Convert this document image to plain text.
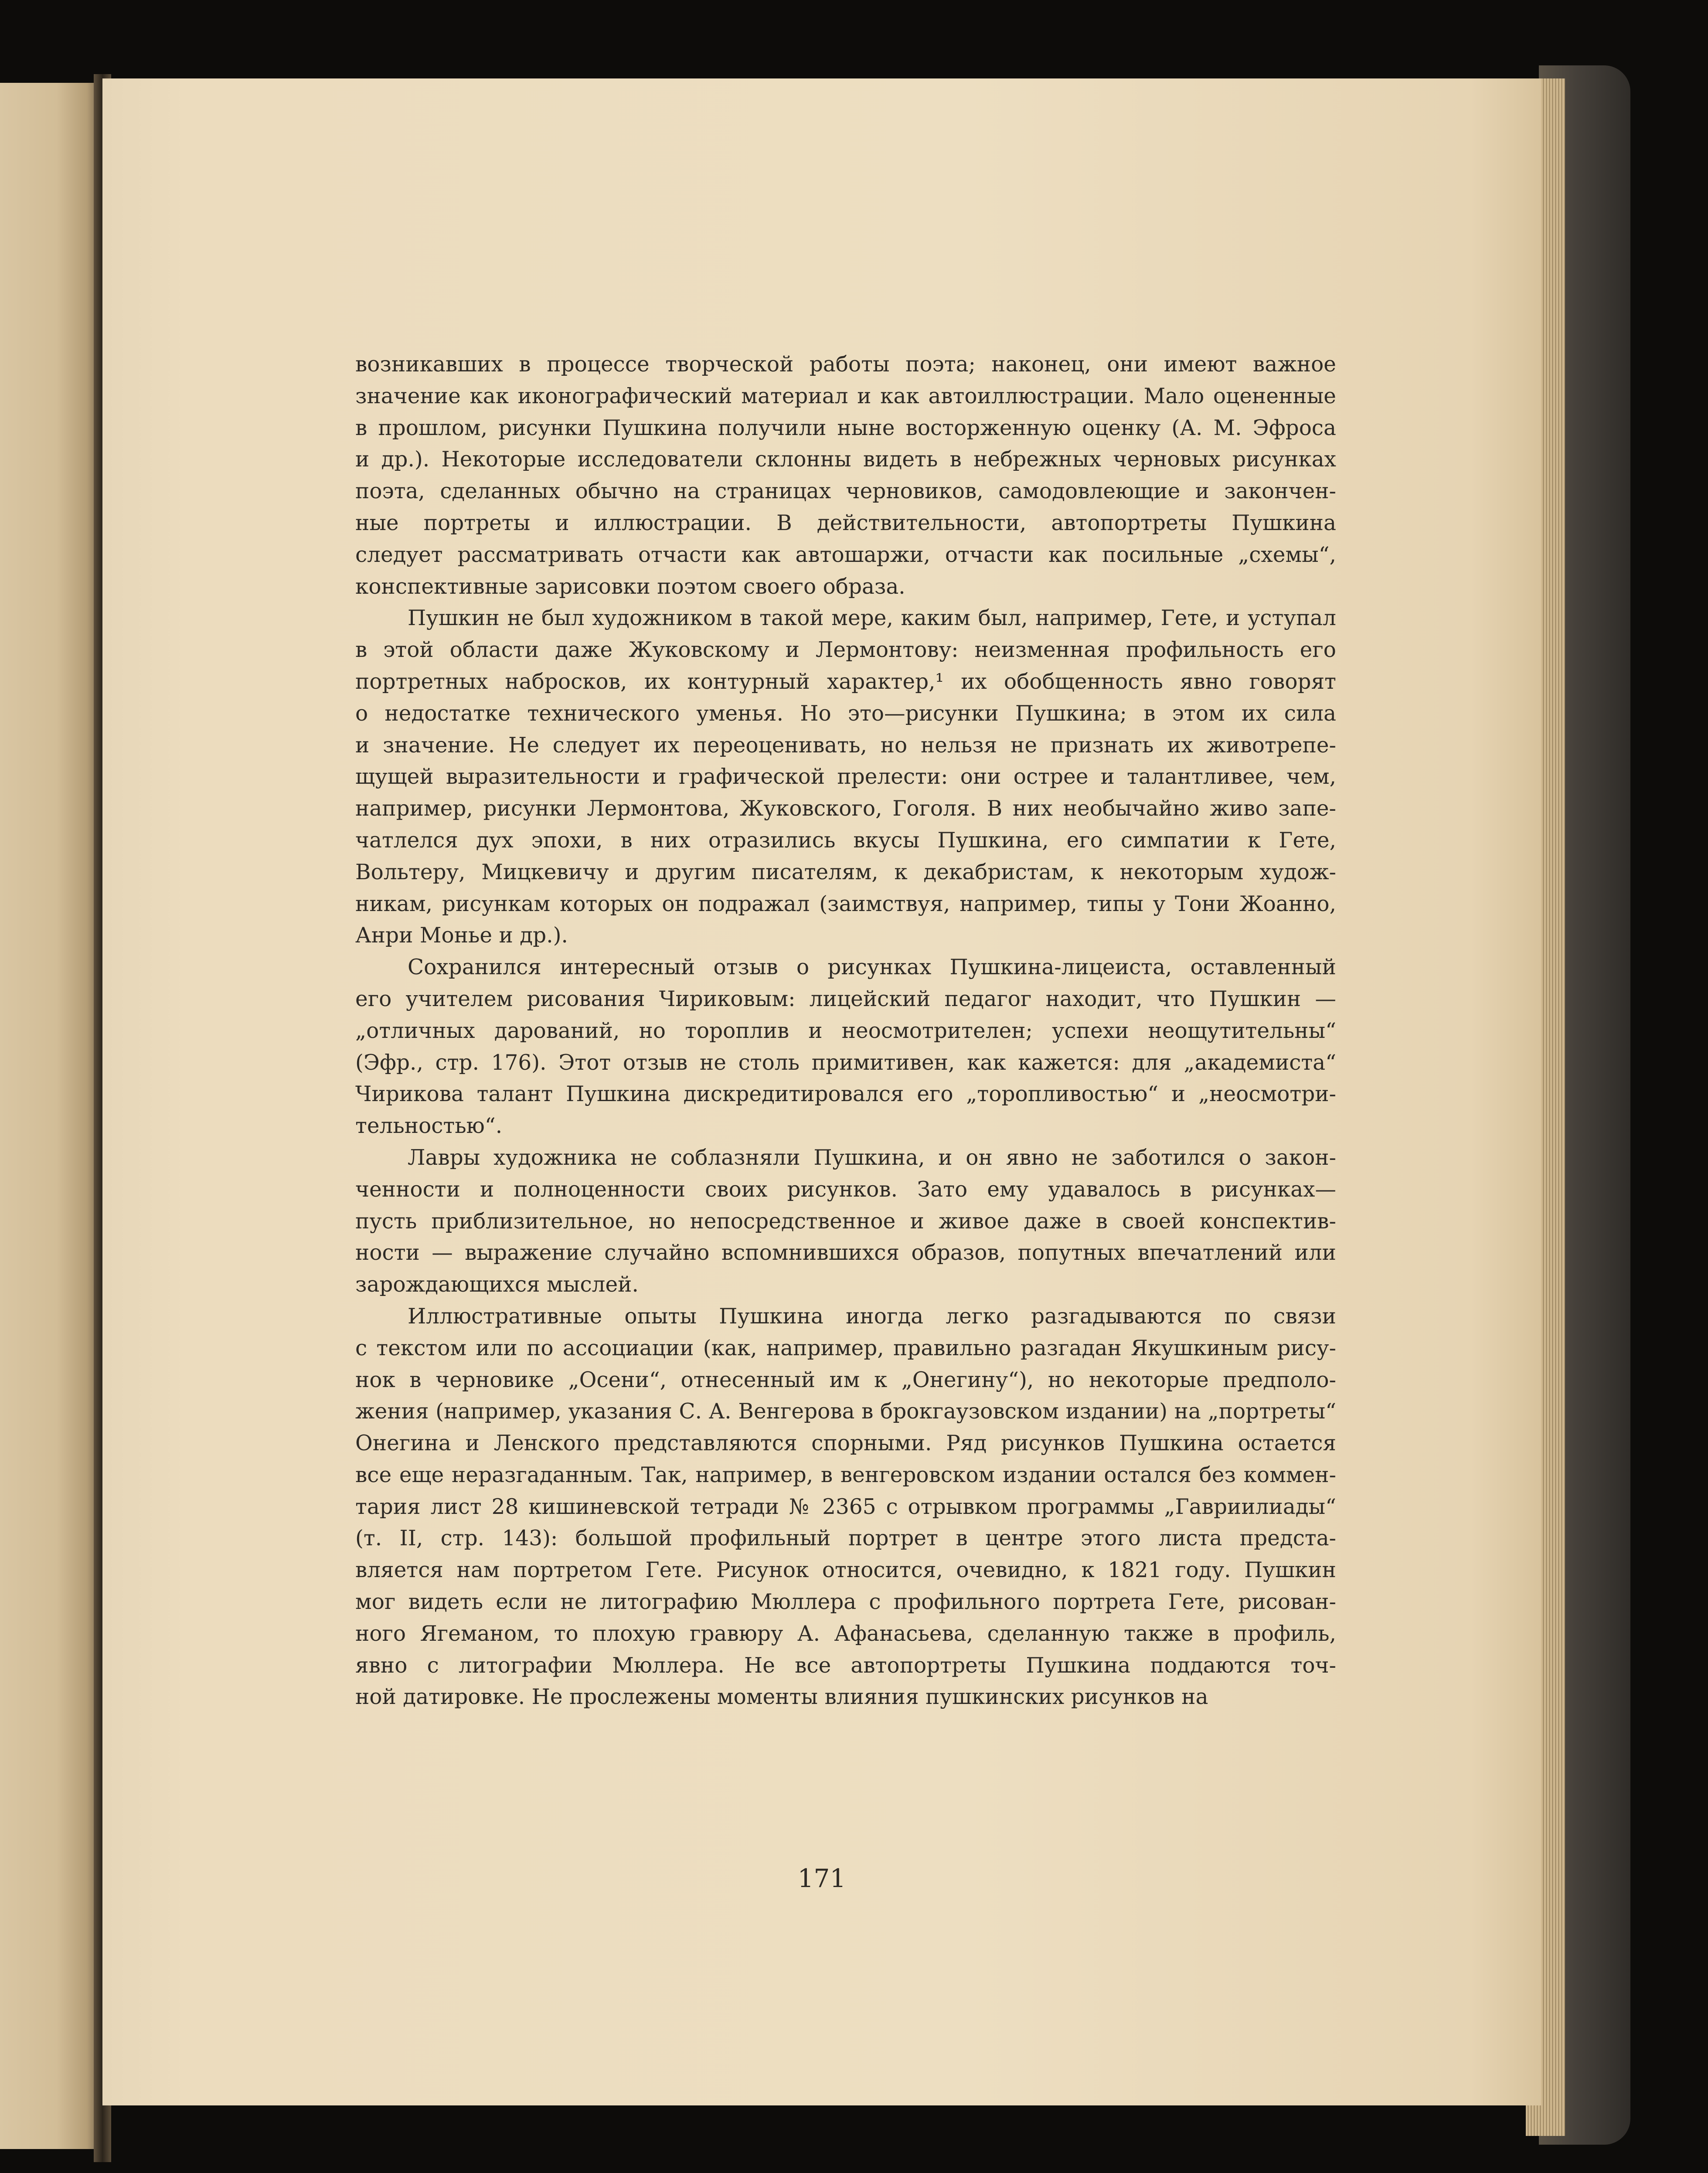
возникавших в процессе творческой работы поэта; наконец, они имеют важное
значение как иконографический материал и как автоиллюстрации. Мало оцененные
в прошлом, рисунки Пушкина получили ныне восторженную оценку (А. М. Эфроса
и др.). Некоторые исследователи склонны видеть в небрежных черновых рисунках
поэта, сделанных обычно на страницах черновиков, самодовлеющие и закончен-
ные портреты и иллюстрации. В действительности, автопортреты Пушкина
следует рассматривать отчасти как автошаржи, отчасти как посильные „схемы“,
конспективные зарисовки поэтом своего образа.
Пушкин не был художником в такой мере, каким был, например, Гете, и уступал
в этой области даже Жуковскому и Лермонтову: неизменная профильность его
портретных набросков, их контурный характер,¹ их обобщенность явно говорят
о недостатке технического уменья. Но это—рисунки Пушкина; в этом их сила
и значение. Не следует их переоценивать, но нельзя не признать их животрепе-
щущей выразительности и графической прелести: они острее и талантливее, чем,
например, рисунки Лермонтова, Жуковского, Гоголя. В них необычайно живо запе-
чатлелся дух эпохи, в них отразились вкусы Пушкина, его симпатии к Гете,
Вольтеру, Мицкевичу и другим писателям, к декабристам, к некоторым худож-
никам, рисункам которых он подражал (заимствуя, например, типы у Тони Жоанно,
Анри Монье и др.).
Сохранился интересный отзыв о рисунках Пушкина-лицеиста, оставленный
его учителем рисования Чириковым: лицейский педагог находит, что Пушкин —
„отличных дарований, но тороплив и неосмотрителен; успехи неощутительны“
(Эфр., стр. 176). Этот отзыв не столь примитивен, как кажется: для „академиста“
Чирикова талант Пушкина дискредитировался его „торопливостью“ и „неосмотри-
тельностью“.
Лавры художника не соблазняли Пушкина, и он явно не заботился о закон-
ченности и полноценности своих рисунков. Зато ему удавалось в рисунках—
пусть приблизительное, но непосредственное и живое даже в своей конспектив-
ности — выражение случайно вспомнившихся образов, попутных впечатлений или
зарождающихся мыслей.
Иллюстративные опыты Пушкина иногда легко разгадываются по связи
с текстом или по ассоциации (как, например, правильно разгадан Якушкиным рису-
нок в черновике „Осени“, отнесенный им к „Онегину“), но некоторые предполо-
жения (например, указания С. А. Венгерова в брокгаузовском издании) на „портреты“
Онегина и Ленского представляются спорными. Ряд рисунков Пушкина остается
все еще неразгаданным. Так, например, в венгеровском издании остался без коммен-
тария лист 28 кишиневской тетради № 2365 с отрывком программы „Гавриилиады“
(т. II, стр. 143): большой профильный портрет в центре этого листа предста-
вляется нам портретом Гете. Рисунок относится, очевидно, к 1821 году. Пушкин
мог видеть если не литографию Мюллера с профильного портрета Гете, рисован-
ного Ягеманом, то плохую гравюру А. Афанасьева, сделанную также в профиль,
явно с литографии Мюллера. Не все автопортреты Пушкина поддаются точ-
ной датировке. Не прослежены моменты влияния пушкинских рисунков на
171
